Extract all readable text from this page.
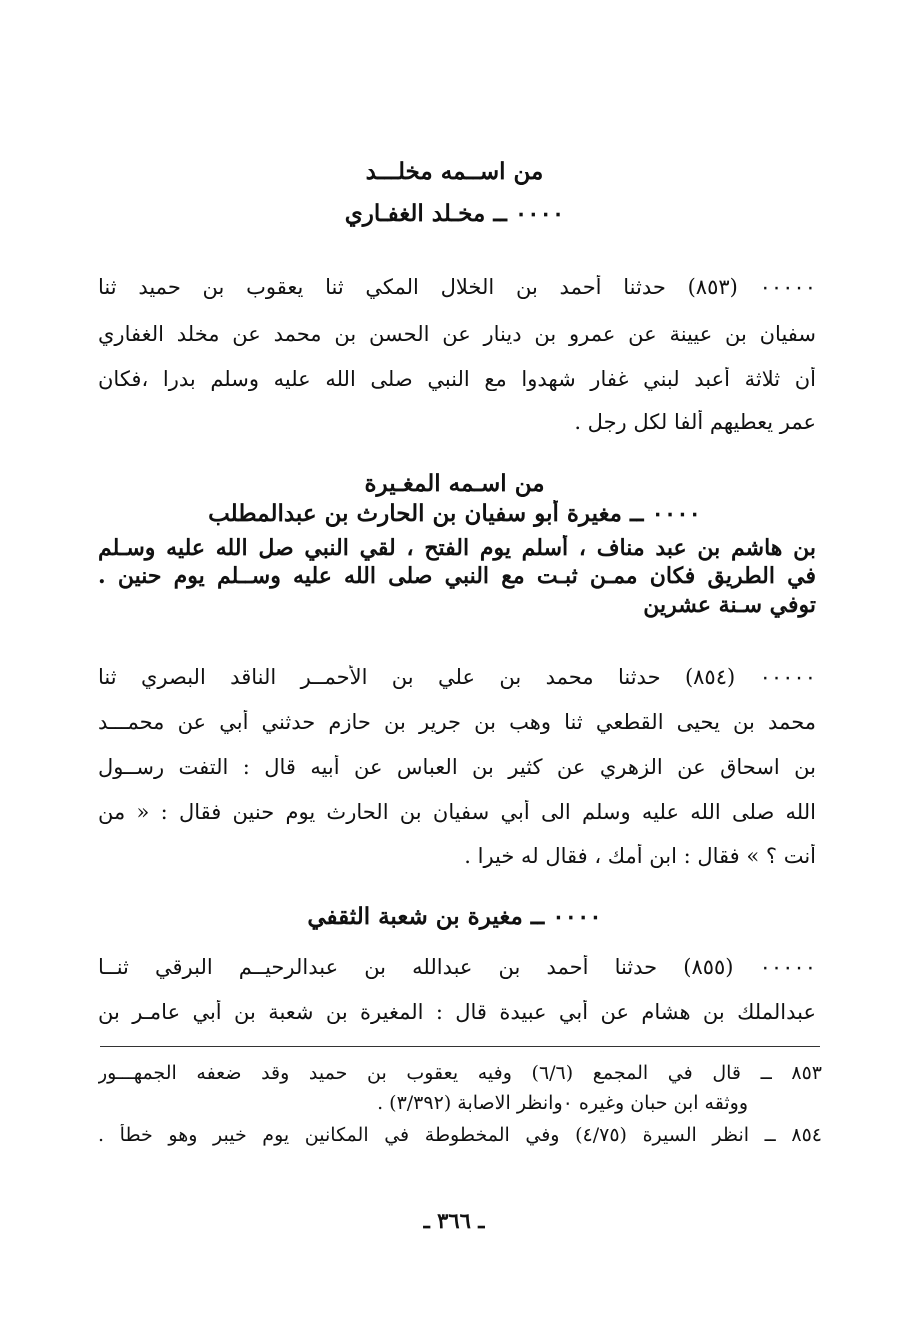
من اســمه مخلـــد
٠٠٠٠ ــ مخـلد الغفـاري
٠٠٠٠٠ (٨٥٣) حدثنا أحمد بن الخلال المكي ثنا يعقوب بن حميد ثنا
سفيان بن عيينة عن عمرو بن دينار عن الحسن بن محمد عن مخلد الغفاري
أن ثلاثة أعبد لبني غفار شهدوا مع النبي صلى الله عليه وسلم بدرا ،فكان
عمر يعطيهم ألفا لكل رجل .
من اسـمه المغـيرة
٠٠٠٠ ــ مغيرة أبو سفيان بن الحارث بن عبدالمطلب
بن هاشم بن عبد مناف ، أسلم يوم الفتح ، لقي النبي صل الله عليه وسـلم
في الطريق فكان ممـن ثبـت مع النبي صلى الله عليه وســلم يوم حنين .
توفي سـنة عشرين
٠٠٠٠٠ (٨٥٤) حدثنا محمد بن علي بن الأحمــر الناقد البصري ثنا
محمد بن يحيى القطعي ثنا وهب بن جرير بن حازم حدثني أبي عن محمـــد
بن اسحاق عن الزهري عن كثير بن العباس عن أبيه قال : التفت رســول
الله صلى الله عليه وسلم الى أبي سفيان بن الحارث يوم حنين فقال : « من
أنت ؟ » فقال : ابن أمك ، فقال له خيرا .
٠٠٠٠ ــ مغيرة بن شعبة الثقفي
٠٠٠٠٠ (٨٥٥) حدثنا أحمد بن عبدالله بن عبدالرحيــم البرقي ثنــا
عبدالملك بن هشام عن أبي عبيدة قال : المغيرة بن شعبة بن أبي عامـر بن
٨٥٣ ــ قال في المجمع (٦/٦) وفيه يعقوب بن حميد وقد ضعفه الجمهـــور
ووثقه ابن حبان وغيره ٠وانظر الاصابة (٣/٣٩٢) .
٨٥٤ ــ انظر السيرة (٤/٧٥) وفي المخطوطة في المكانين يوم خيبر وهو خطأ .
ـ ٣٦٦ ـ
